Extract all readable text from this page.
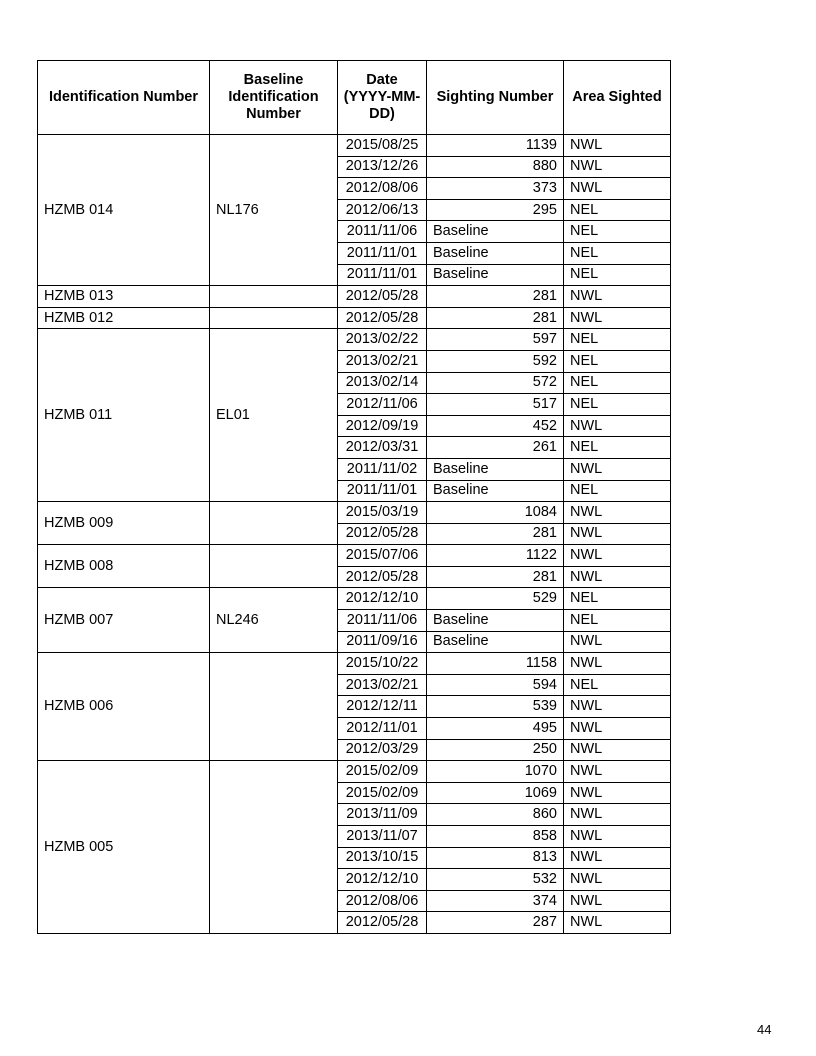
Identification Number	Baseline Identification Number	Date (YYYY-MM-DD)	Sighting Number	Area Sighted
HZMB 014	NL176	2015/08/25	1139	NWL
		2013/12/26	880	NWL
		2012/08/06	373	NWL
		2012/06/13	295	NEL
		2011/11/06	Baseline	NEL
		2011/11/01	Baseline	NEL
		2011/11/01	Baseline	NEL
HZMB 013		2012/05/28	281	NWL
HZMB 012		2012/05/28	281	NWL
HZMB 011	EL01	2013/02/22	597	NEL
		2013/02/21	592	NEL
		2013/02/14	572	NEL
		2012/11/06	517	NEL
		2012/09/19	452	NWL
		2012/03/31	261	NEL
		2011/11/02	Baseline	NWL
		2011/11/01	Baseline	NEL
HZMB 009		2015/03/19	1084	NWL
		2012/05/28	281	NWL
HZMB 008		2015/07/06	1122	NWL
		2012/05/28	281	NWL
HZMB 007	NL246	2012/12/10	529	NEL
		2011/11/06	Baseline	NEL
		2011/09/16	Baseline	NWL
HZMB 006		2015/10/22	1158	NWL
		2013/02/21	594	NEL
		2012/12/11	539	NWL
		2012/11/01	495	NWL
		2012/03/29	250	NWL
HZMB 005		2015/02/09	1070	NWL
		2015/02/09	1069	NWL
		2013/11/09	860	NWL
		2013/11/07	858	NWL
		2013/10/15	813	NWL
		2012/12/10	532	NWL
		2012/08/06	374	NWL
		2012/05/28	287	NWL
44
